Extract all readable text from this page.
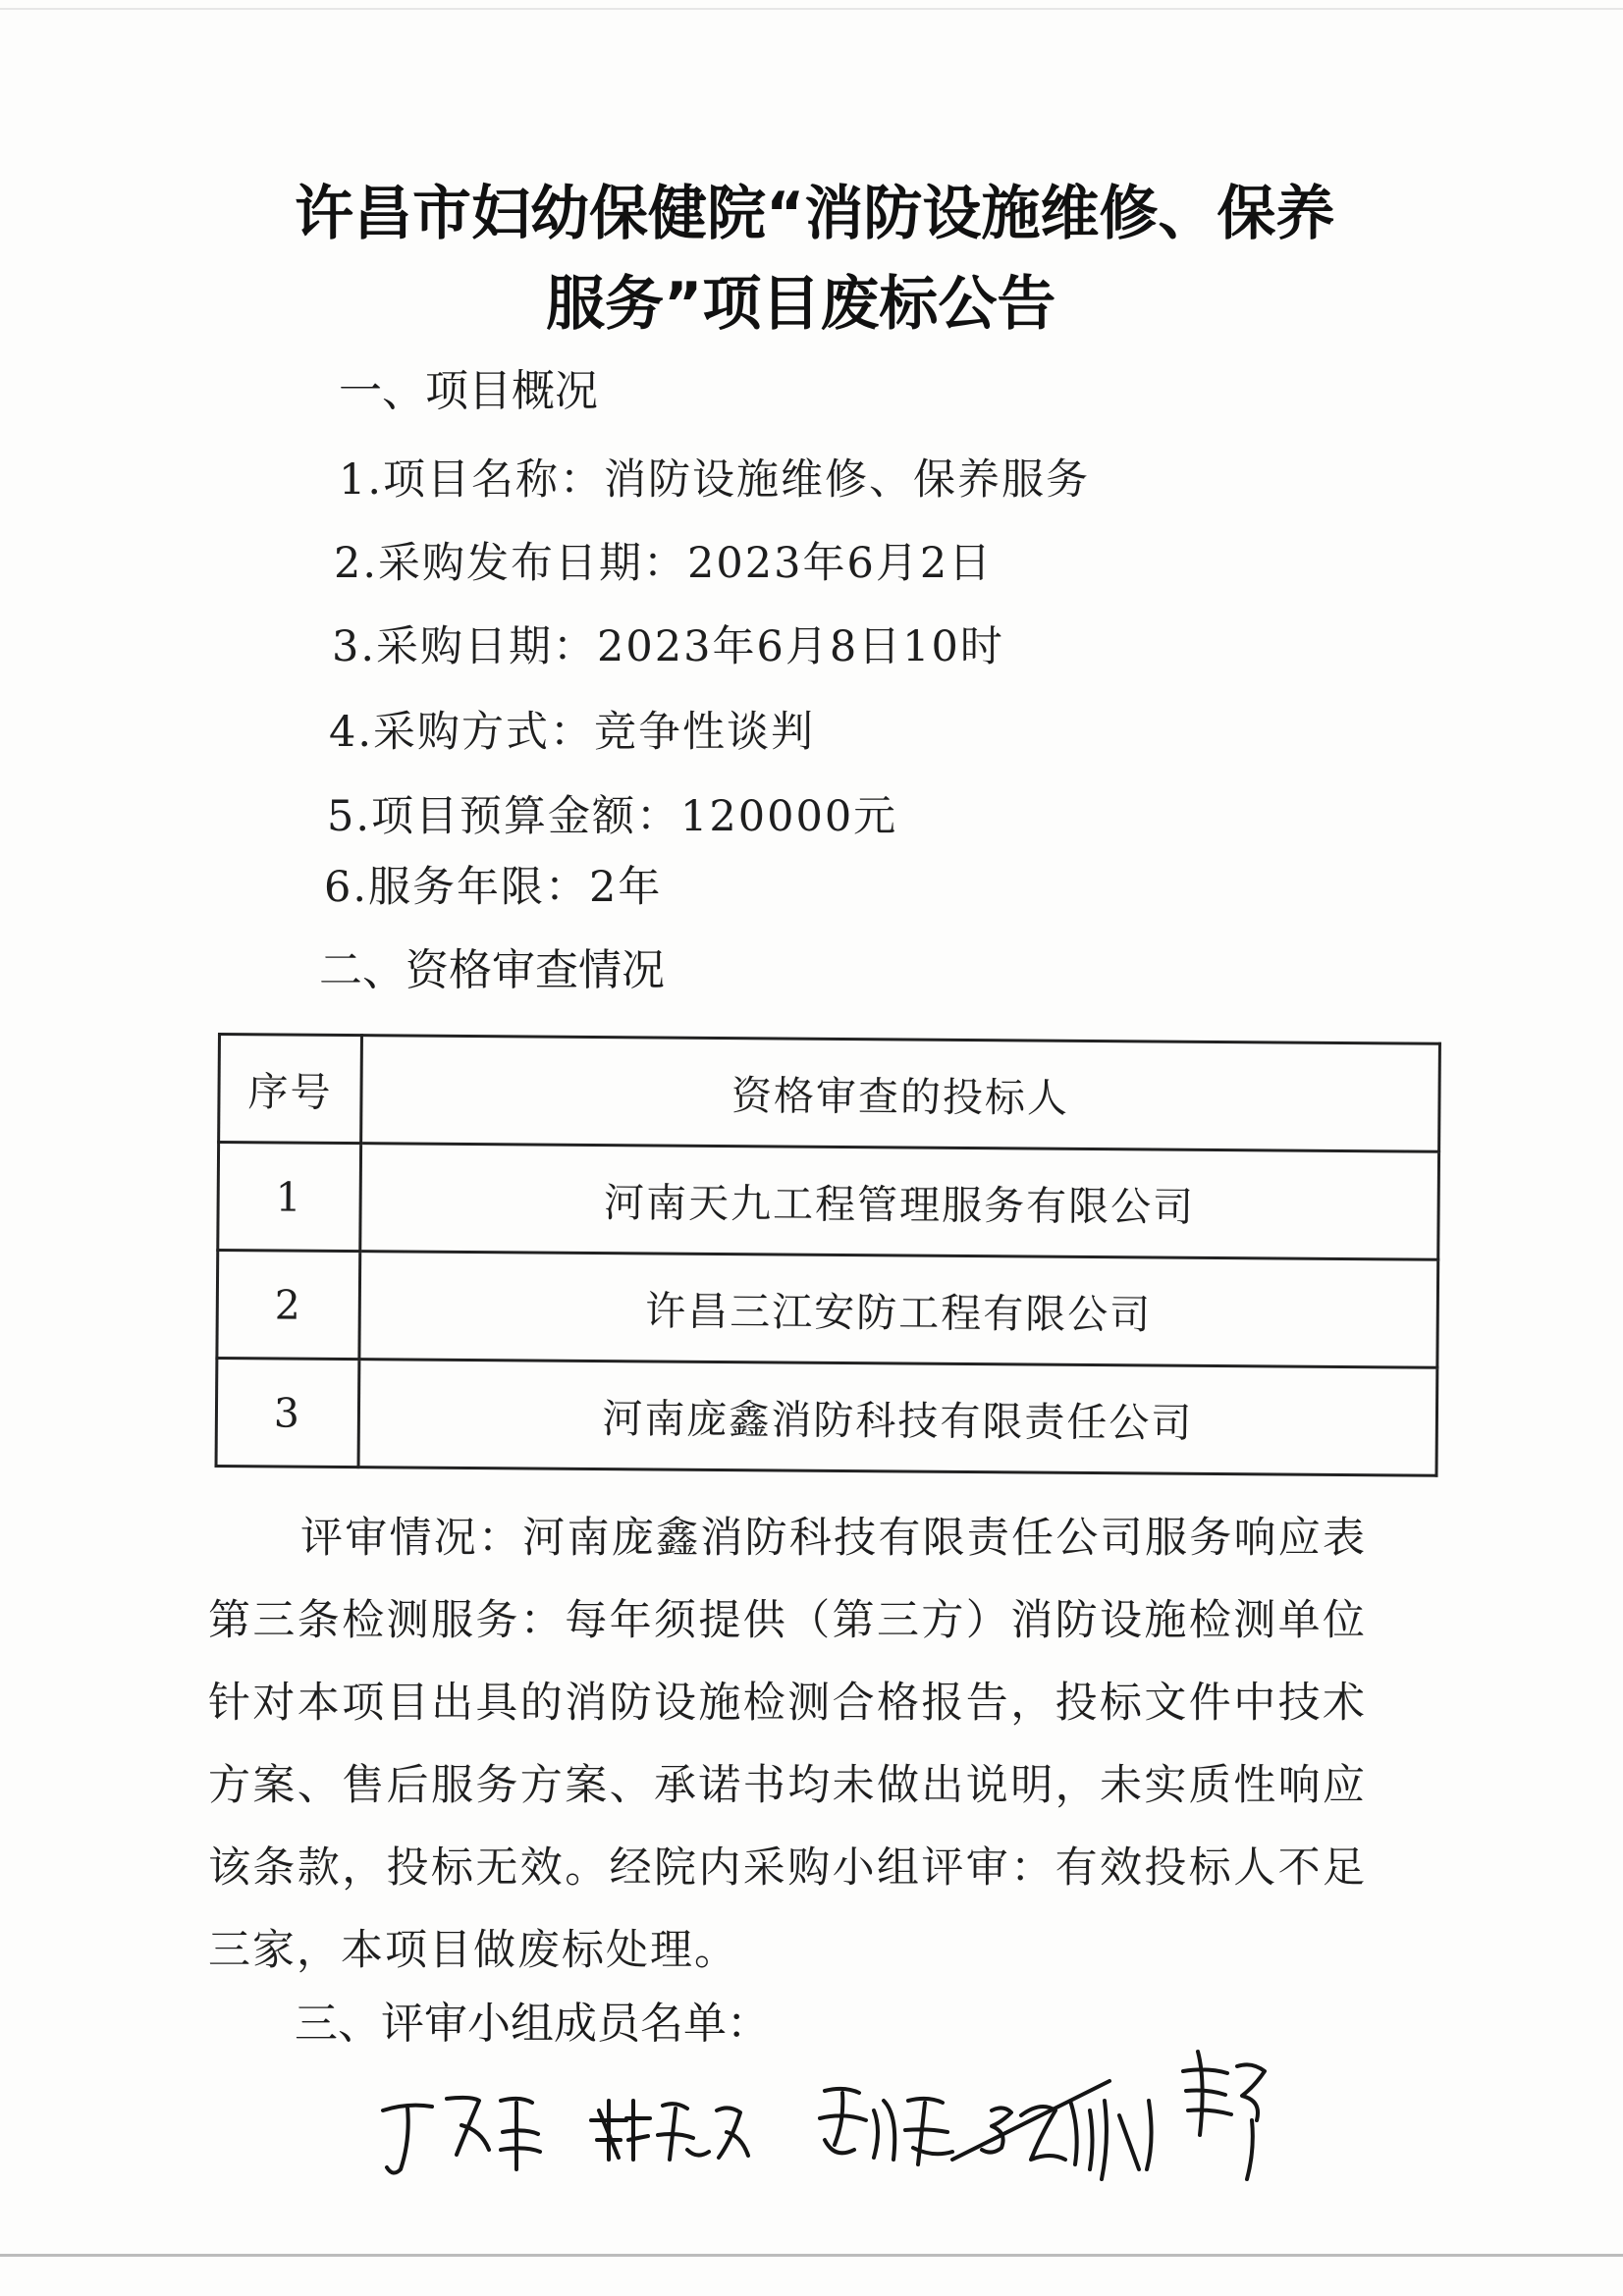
许昌市妇幼保健院“消防设施维修、保养
服务”项目废标公告
一、项目概况
1.项目名称：消防设施维修、保养服务
2.采购发布日期：2023年6月2日
3.采购日期：2023年6月8日10时
4.采购方式：竞争性谈判
5.项目预算金额：120000元
6.服务年限：2年
二、资格审查情况
序号	资格审查的投标人
1	河南天九工程管理服务有限公司
2	许昌三江安防工程有限公司
3	河南庞鑫消防科技有限责任公司
评审情况：河南庞鑫消防科技有限责任公司服务响应表第三条检测服务：每年须提供（第三方）消防设施检测单位针对本项目出具的消防设施检测合格报告，投标文件中技术方案、售后服务方案、承诺书均未做出说明，未实质性响应该条款，投标无效。经院内采购小组评审：有效投标人不足三家，本项目做废标处理。
三、评审小组成员名单：
